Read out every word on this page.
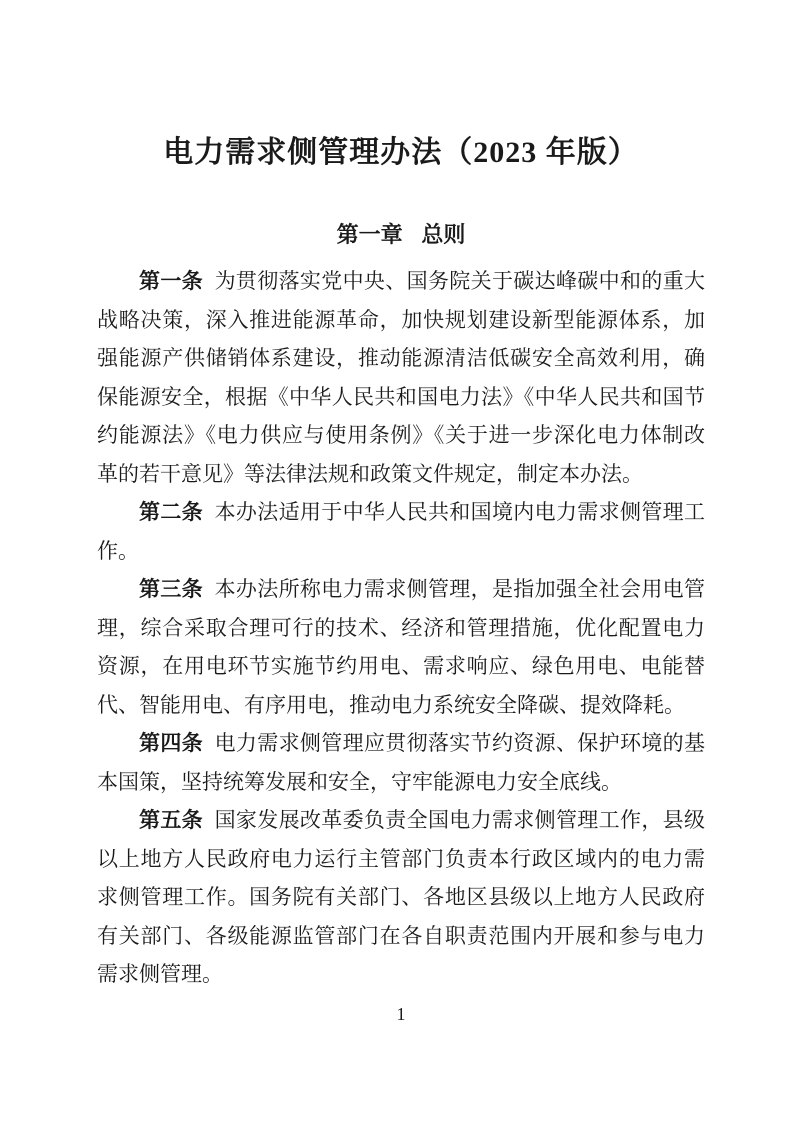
电力需求侧管理办法（2023 年版）
第一章 总则

第一条 为贯彻落实党中央、国务院关于碳达峰碳中和的重大战略决策，深入推进能源革命，加快规划建设新型能源体系，加强能源产供储销体系建设，推动能源清洁低碳安全高效利用，确保能源安全，根据《中华人民共和国电力法》《中华人民共和国节约能源法》《电力供应与使用条例》《关于进一步深化电力体制改革的若干意见》等法律法规和政策文件规定，制定本办法。

第二条 本办法适用于中华人民共和国境内电力需求侧管理工作。

第三条 本办法所称电力需求侧管理，是指加强全社会用电管理，综合采取合理可行的技术、经济和管理措施，优化配置电力资源，在用电环节实施节约用电、需求响应、绿色用电、电能替代、智能用电、有序用电，推动电力系统安全降碳、提效降耗。

第四条 电力需求侧管理应贯彻落实节约资源、保护环境的基本国策，坚持统筹发展和安全，守牢能源电力安全底线。

第五条 国家发展改革委负责全国电力需求侧管理工作，县级以上地方人民政府电力运行主管部门负责本行政区域内的电力需求侧管理工作。国务院有关部门、各地区县级以上地方人民政府有关部门、各级能源监管部门在各自职责范围内开展和参与电力需求侧管理。

1
